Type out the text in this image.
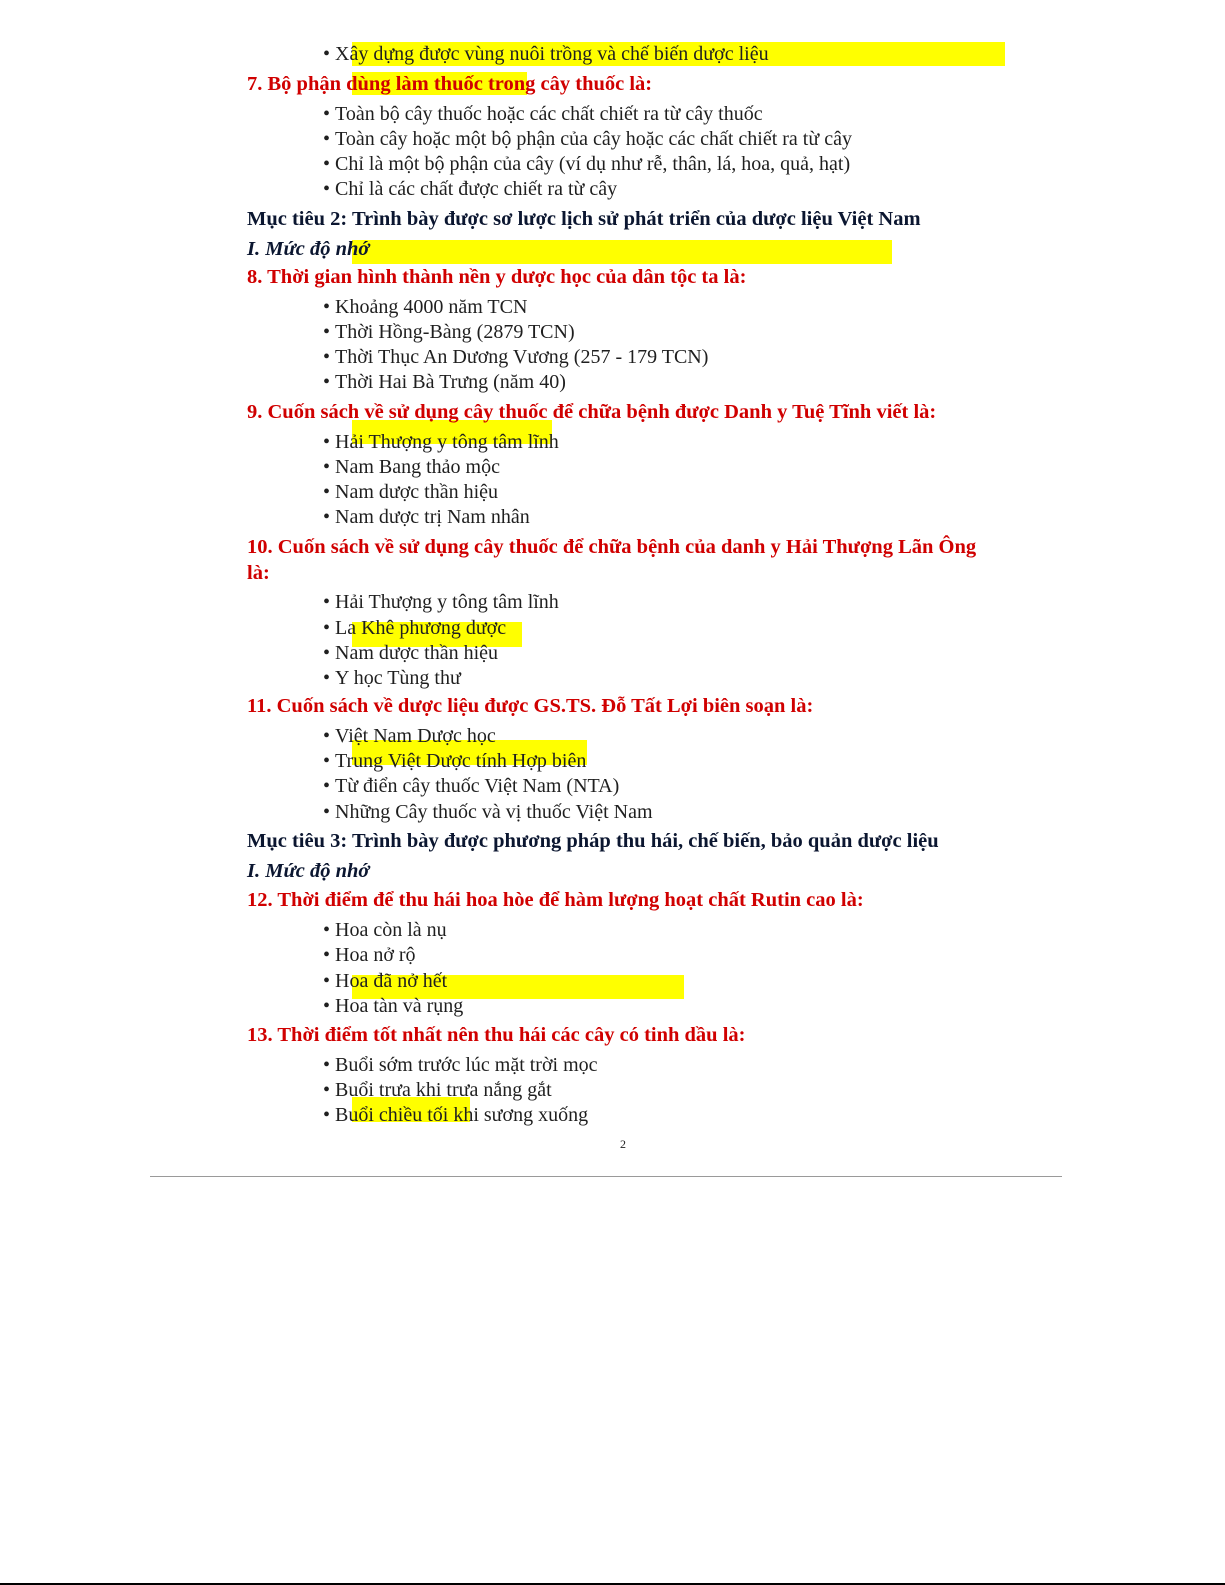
• Xây dựng được vùng nuôi trồng và chế biến dược liệu
7. Bộ phận dùng làm thuốc trong cây thuốc là:
• Toàn bộ cây thuốc hoặc các chất chiết ra từ cây thuốc
• Toàn cây hoặc một bộ phận của cây hoặc các chất chiết ra từ cây
• Chỉ là một bộ phận của cây (ví dụ như rễ, thân, lá, hoa, quả, hạt)
• Chỉ là các chất được chiết ra từ cây
Mục tiêu 2: Trình bày được sơ lược lịch sử phát triển của dược liệu Việt Nam
I. Mức độ nhớ
8. Thời gian hình thành nền y dược học của dân tộc ta là:
• Khoảng 4000 năm TCN
• Thời Hồng-Bàng (2879 TCN)
• Thời Thục An Dương Vương (257 - 179 TCN)
• Thời Hai Bà Trưng (năm 40)
9. Cuốn sách về sử dụng cây thuốc để chữa bệnh được Danh y Tuệ Tĩnh viết là:
• Hải Thượng y tông tâm lĩnh
• Nam Bang thảo mộc
• Nam dược thần hiệu
• Nam dược trị Nam nhân
10. Cuốn sách về sử dụng cây thuốc để chữa bệnh của danh y Hải Thượng Lãn Ông
là:
• Hải Thượng y tông tâm lĩnh
• La Khê phương dược
• Nam dược thần hiệu
• Y học Tùng thư
11. Cuốn sách về dược liệu được GS.TS. Đỗ Tất Lợi biên soạn là:
• Việt Nam Dược học
• Trung Việt Dược tính Hợp biên
• Từ điển cây thuốc Việt Nam (NTA)
• Những Cây thuốc và vị thuốc Việt Nam
Mục tiêu 3: Trình bày được phương pháp thu hái, chế biến, bảo quản dược liệu
I. Mức độ nhớ
12. Thời điểm để thu hái hoa hòe để hàm lượng hoạt chất Rutin cao là:
• Hoa còn là nụ
• Hoa nở rộ
• Hoa đã nở hết
• Hoa tàn và rụng
13. Thời điểm tốt nhất nên thu hái các cây có tinh dầu là:
• Buổi sớm trước lúc mặt trời mọc
• Buổi trưa khi trưa nắng gắt
• Buổi chiều tối khi sương xuống
2
